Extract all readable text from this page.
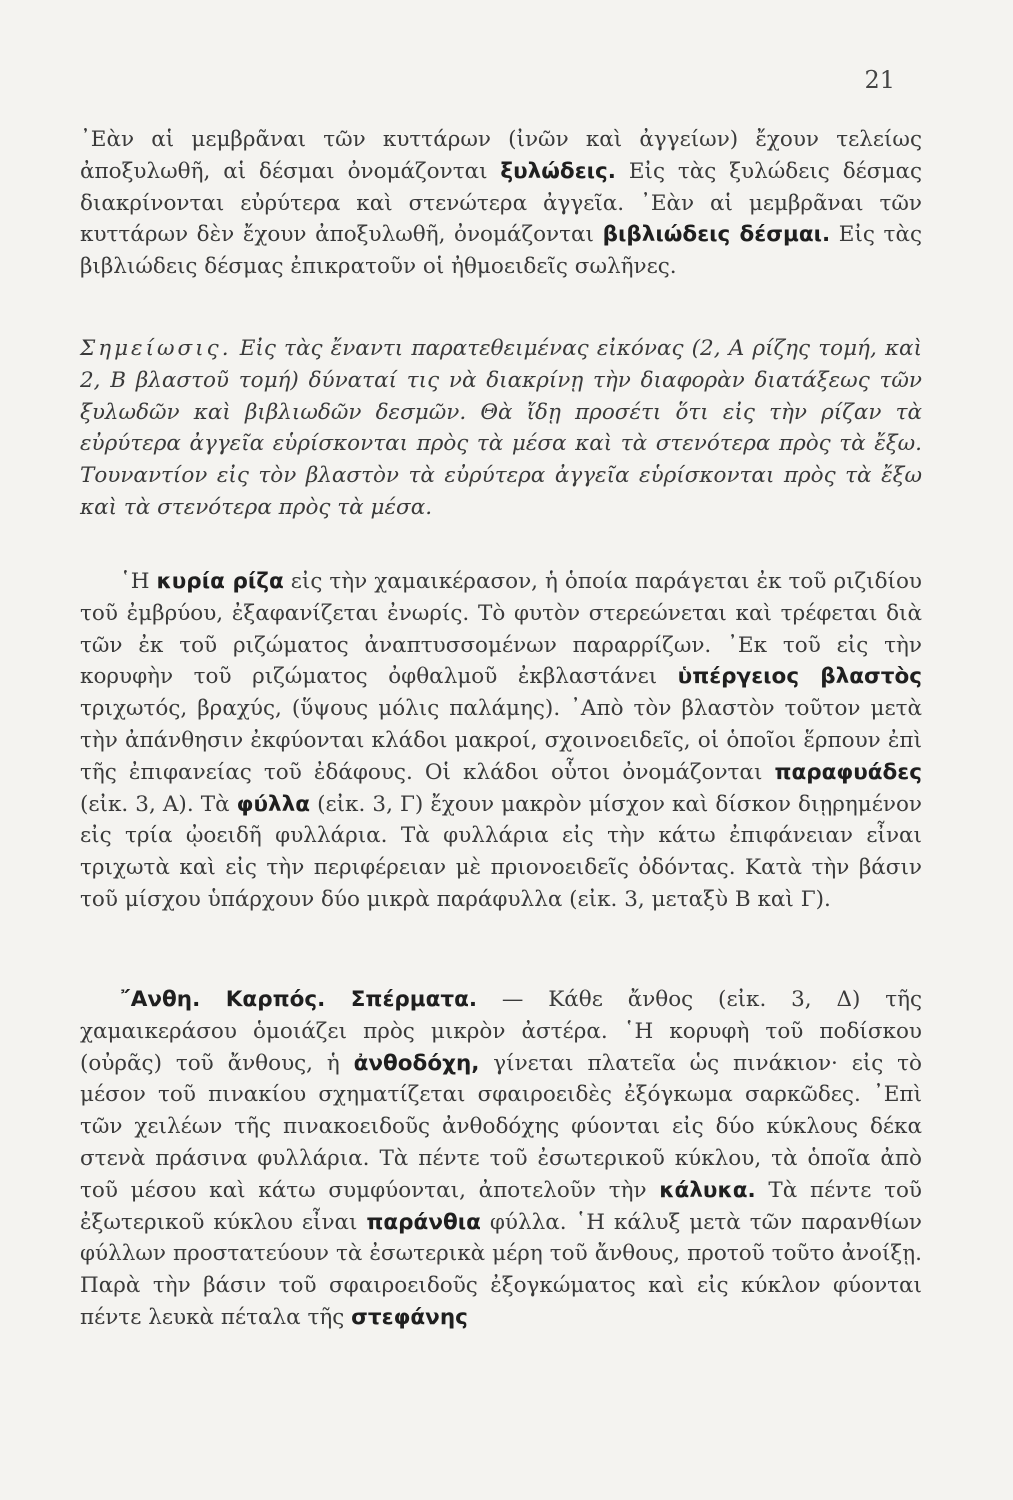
21

᾽Εὰν αἱ μεμβρᾶναι τῶν κυττάρων (ἰνῶν καὶ ἀγγείων) ἔχουν τελείως ἀποξυλωθῆ, αἱ δέσμαι ὀνομάζονται ξυλώδεις. Εἰς τὰς ξυλώδεις δέσμας διακρίνονται εὐρύτερα καὶ στενώτερα ἀγγεῖα. ᾽Εὰν αἱ μεμβρᾶναι τῶν κυττάρων δὲν ἔχουν ἀποξυλωθῆ, ὀνομάζονται βιβλιώδεις δέσμαι. Εἰς τὰς βιβλιώδεις δέσμας ἐπικρατοῦν οἱ ἠθμοειδεῖς σωλῆνες.

Σημείωσις. Εἰς τὰς ἔναντι παρατεθειμένας εἰκόνας (2, Α ρίζης τομή, καὶ 2, Β βλαστοῦ τομή) δύναταί τις νὰ διακρίνῃ τὴν διαφορὰν διατάξεως τῶν ξυλωδῶν καὶ βιβλιωδῶν δεσμῶν. Θὰ ἴδῃ προσέτι ὅτι εἰς τὴν ρίζαν τὰ εὐρύτερα ἀγγεῖα εὑρίσκονται πρὸς τὰ μέσα καὶ τὰ στενότερα πρὸς τὰ ἔξω. Τουναντίον εἰς τὸν βλαστὸν τὰ εὐρύτερα ἀγγεῖα εὑρίσκονται πρὸς τὰ ἔξω καὶ τὰ στενότερα πρὸς τὰ μέσα.

῾Η κυρία ρίζα εἰς τὴν χαμαικέρασον, ἡ ὁποία παράγεται ἐκ τοῦ ριζιδίου τοῦ ἐμβρύου, ἐξαφανίζεται ἐνωρίς. Τὸ φυτὸν στερεώνεται καὶ τρέφεται διὰ τῶν ἐκ τοῦ ριζώματος ἀναπτυσσομένων παραρρίζων. ᾽Εκ τοῦ εἰς τὴν κορυφὴν τοῦ ριζώματος ὀφθαλμοῦ ἐκβλαστάνει ὑπέργειος βλαστὸς τριχωτός, βραχύς, (ὕψους μόλις παλάμης). ᾽Απὸ τὸν βλαστὸν τοῦτον μετὰ τὴν ἀπάνθησιν ἐκφύονται κλάδοι μακροί, σχοινοειδεῖς, οἱ ὁποῖοι ἕρπουν ἐπὶ τῆς ἐπιφανείας τοῦ ἐδάφους. Οἱ κλάδοι οὗτοι ὀνομάζονται παραφυάδες (εἰκ. 3, Α). Τὰ φύλλα (εἰκ. 3, Γ) ἔχουν μακρὸν μίσχον καὶ δίσκον διῃρημένον εἰς τρία ᾠοειδῆ φυλλάρια. Τὰ φυλλάρια εἰς τὴν κάτω ἐπιφάνειαν εἶναι τριχωτὰ καὶ εἰς τὴν περιφέρειαν μὲ πριονοειδεῖς ὀδόντας. Κατὰ τὴν βάσιν τοῦ μίσχου ὑπάρχουν δύο μικρὰ παράφυλλα (εἰκ. 3, μεταξὺ Β καὶ Γ).

῎Ανθη. Καρπός. Σπέρματα. — Κάθε ἄνθος (εἰκ. 3, Δ) τῆς χαμαικεράσου ὁμοιάζει πρὸς μικρὸν ἀστέρα. ῾Η κορυφὴ τοῦ ποδίσκου (οὐρᾶς) τοῦ ἄνθους, ἡ ἀνθοδόχη, γίνεται πλατεῖα ὡς πινάκιον· εἰς τὸ μέσον τοῦ πινακίου σχηματίζεται σφαιροειδὲς ἐξόγκωμα σαρκῶδες. ᾽Επὶ τῶν χειλέων τῆς πινακοειδοῦς ἀνθοδόχης φύονται εἰς δύο κύκλους δέκα στενὰ πράσινα φυλλάρια. Τὰ πέντε τοῦ ἐσωτερικοῦ κύκλου, τὰ ὁποῖα ἀπὸ τοῦ μέσου καὶ κάτω συμφύονται, ἀποτελοῦν τὴν κάλυκα. Τὰ πέντε τοῦ ἐξωτερικοῦ κύκλου εἶναι παράνθια φύλλα. ῾Η κάλυξ μετὰ τῶν παρανθίων φύλλων προστατεύουν τὰ ἐσωτερικὰ μέρη τοῦ ἄνθους, προτοῦ τοῦτο ἀνοίξῃ. Παρὰ τὴν βάσιν τοῦ σφαιροειδοῦς ἐξογκώματος καὶ εἰς κύκλον φύονται πέντε λευκὰ πέταλα τῆς στεφάνης
